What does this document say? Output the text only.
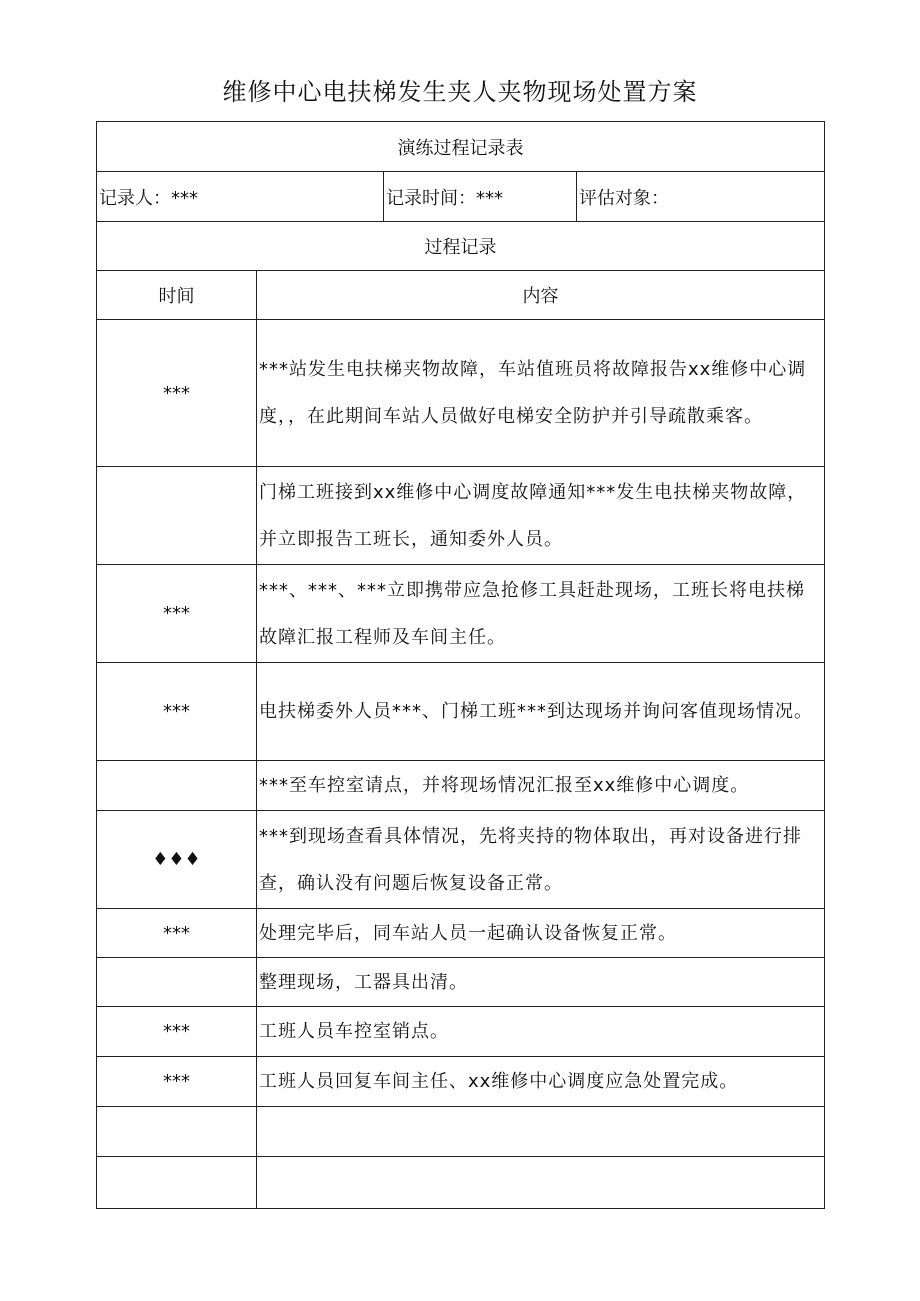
维修中心电扶梯发生夹人夹物现场处置方案
演练过程记录表			
记录人：***		记录时间：***	评估对象：
过程记录			
时间	内容		
***	***站发生电扶梯夹物故障，车站值班员将故障报告xx维修中心调度，，在此期间车站人员做好电梯安全防护并引导疏散乘客。		
	门梯工班接到xx维修中心调度故障通知***发生电扶梯夹物故障，并立即报告工班长，通知委外人员。		
***	***、***、***立即携带应急抢修工具赶赴现场，工班长将电扶梯故障汇报工程师及车间主任。		
***	电扶梯委外人员***、门梯工班***到达现场并询问客值现场情况。		
	***至车控室请点，并将现场情况汇报至xx维修中心调度。		
♦♦♦	***到现场查看具体情况，先将夹持的物体取出，再对设备进行排查，确认没有问题后恢复设备正常。		
***	处理完毕后，同车站人员一起确认设备恢复正常。		
	整理现场，工器具出清。		
***	工班人员车控室销点。		
***	工班人员回复车间主任、xx维修中心调度应急处置完成。		
